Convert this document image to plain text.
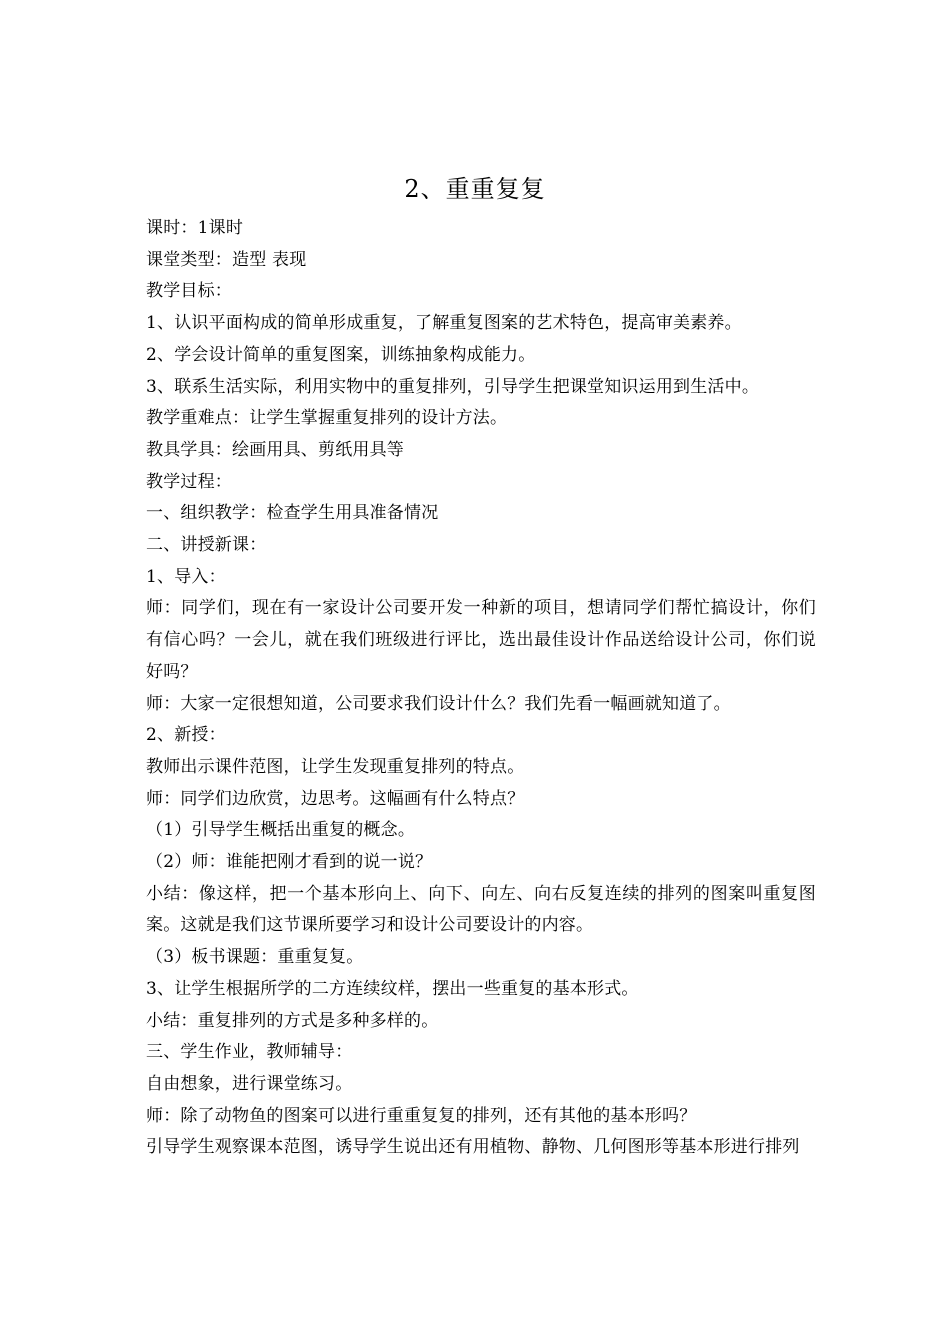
2、重重复复
课时：1课时
课堂类型：造型 表现
教学目标：
1、认识平面构成的简单形成重复，了解重复图案的艺术特色，提高审美素养。
2、学会设计简单的重复图案，训练抽象构成能力。
3、联系生活实际，利用实物中的重复排列，引导学生把课堂知识运用到生活中。
教学重难点：让学生掌握重复排列的设计方法。
教具学具：绘画用具、剪纸用具等
教学过程：
一、组织教学：检查学生用具准备情况
二、讲授新课：
1、导入：
师：同学们，现在有一家设计公司要开发一种新的项目，想请同学们帮忙搞设计，你们有信心吗？一会儿，就在我们班级进行评比，选出最佳设计作品送给设计公司，你们说好吗？
师：大家一定很想知道，公司要求我们设计什么？我们先看一幅画就知道了。
2、新授：
教师出示课件范图，让学生发现重复排列的特点。
师：同学们边欣赏，边思考。这幅画有什么特点？
（1）引导学生概括出重复的概念。
（2）师：谁能把刚才看到的说一说？
小结：像这样，把一个基本形向上、向下、向左、向右反复连续的排列的图案叫重复图案。这就是我们这节课所要学习和设计公司要设计的内容。
（3）板书课题：重重复复。
3、让学生根据所学的二方连续纹样，摆出一些重复的基本形式。
小结：重复排列的方式是多种多样的。
三、学生作业，教师辅导：
自由想象，进行课堂练习。
师：除了动物鱼的图案可以进行重重复复的排列，还有其他的基本形吗？
引导学生观察课本范图，诱导学生说出还有用植物、静物、几何图形等基本形进行排列
